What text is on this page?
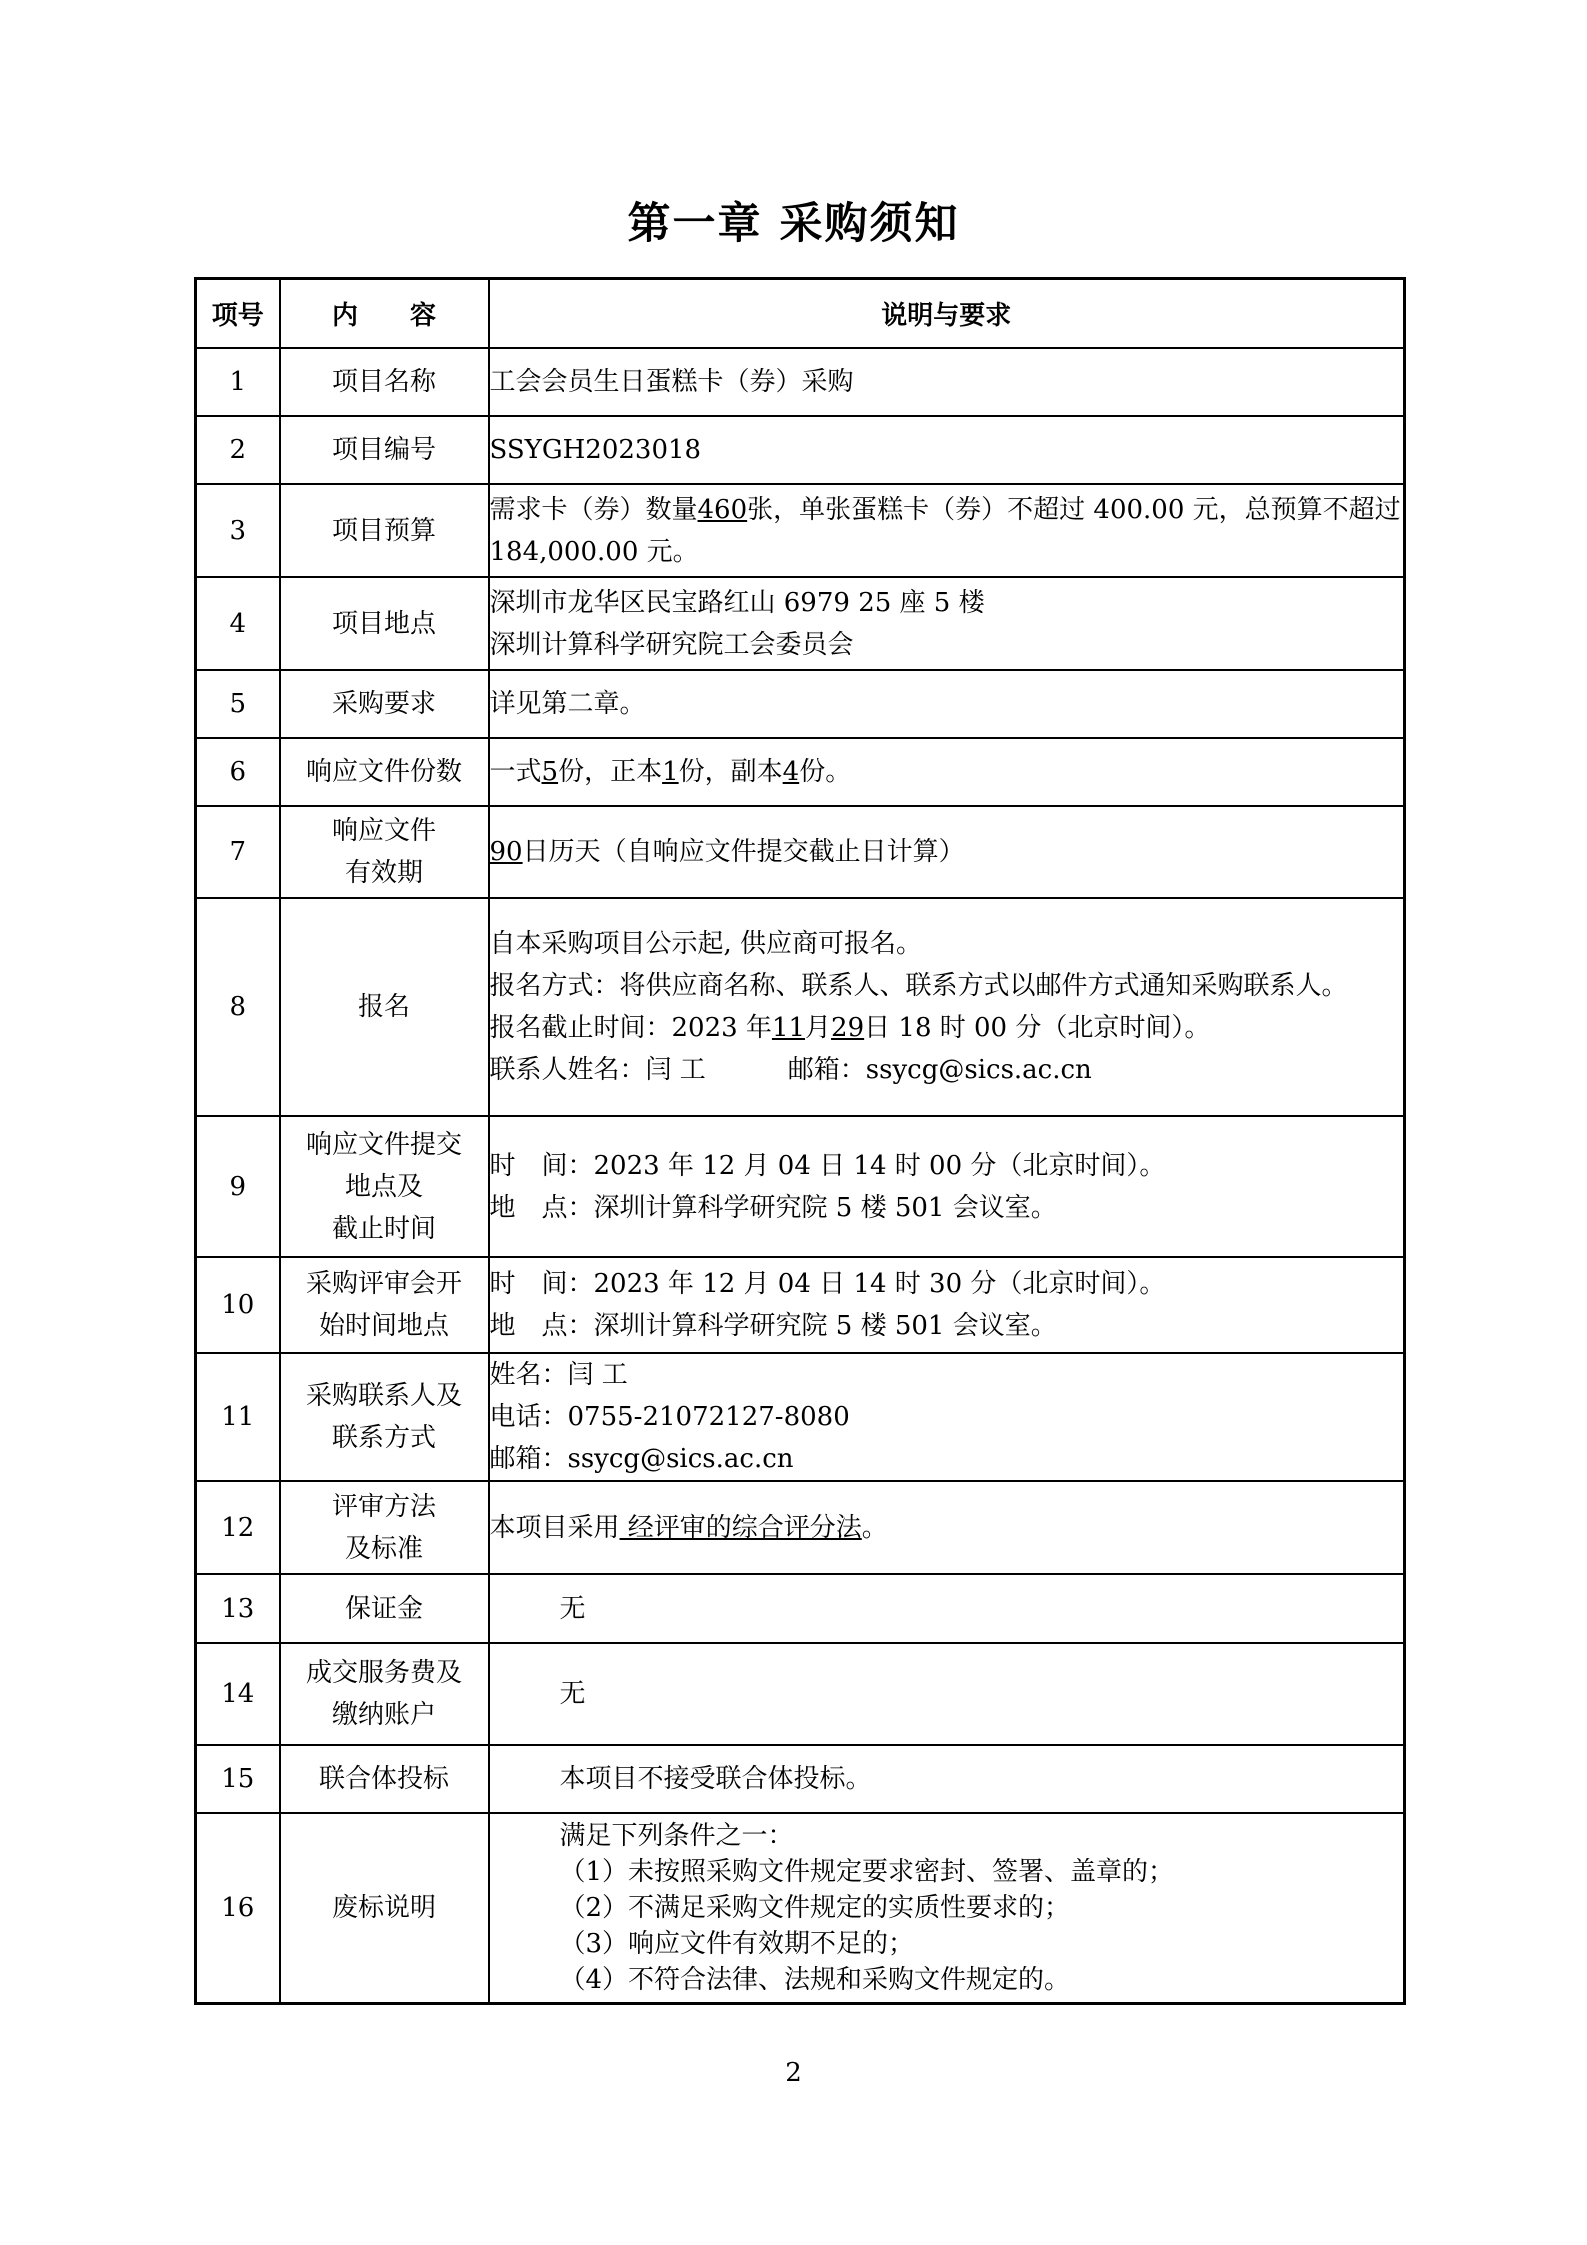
第一章 采购须知
项号	内　　容	说明与要求
1	项目名称	工会会员生日蛋糕卡（券）采购
2	项目编号	SSYGH2023018
3	项目预算	需求卡（券）数量460张，单张蛋糕卡（券）不超过 400.00 元，总预算不超过 184,000.00 元。
4	项目地点	深圳市龙华区民宝路红山 6979 25 座 5 楼
深圳计算科学研究院工会委员会

5	采购要求	详见第二章。
6	响应文件份数	一式5份，正本1份，副本4份。
7	响应文件
有效期	90日历天（自响应文件提交截止日计算）
8	报名	自本采购项目公示起, 供应商可报名。
报名方式：将供应商名称、联系人、联系方式以邮件方式通知采购联系人。
报名截止时间：2023 年11月29日 18 时 00 分（北京时间）。
联系人姓名：闫 工 邮箱：ssycg@sics.ac.cn

9	响应文件提交
地点及
截止时间	时　间：2023 年 12 月 04 日 14 时 00 分（北京时间）。
地　点：深圳计算科学研究院 5 楼 501 会议室。

10	采购评审会开
始时间地点	时　间：2023 年 12 月 04 日 14 时 30 分（北京时间）。
地　点：深圳计算科学研究院 5 楼 501 会议室。

11	采购联系人及
联系方式	姓名：闫 工
电话：0755-21072127-8080
邮箱：ssycg@sics.ac.cn

12	评审方法
及标准	本项目采用 经评审的综合评分法。
13	保证金	无
14	成交服务费及
缴纳账户	无
15	联合体投标	本项目不接受联合体投标。
16	废标说明	满足下列条件之一：
（1）未按照采购文件规定要求密封、签署、盖章的；
（2）不满足采购文件规定的实质性要求的；
（3）响应文件有效期不足的；
（4）不符合法律、法规和采购文件规定的。
2
